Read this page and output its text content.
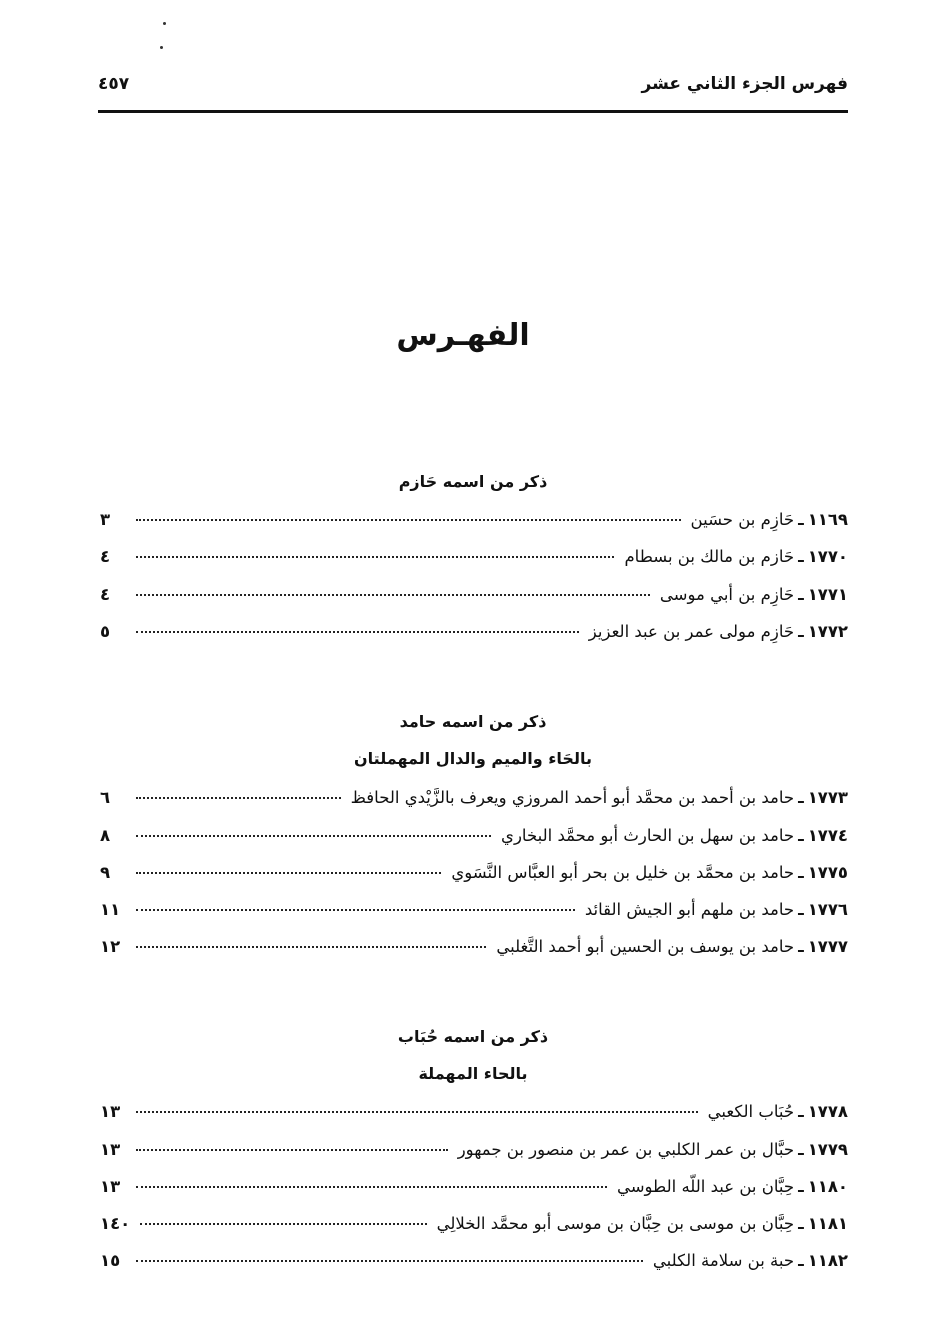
فهرس الجزء الثاني عشر
٤٥٧
الفهـرس
ذكر من اسمه حَازم
١١٦٩
ـ
حَازِم بن حسَين
٣
١٧٧٠
ـ
حَازم بن مالك بن بسطام
٤
١٧٧١
ـ
حَازِم بن أبي موسى
٤
١٧٧٢
ـ
حَازِم مولى عمر بن عبد العزيز
٥
ذكر من اسمه حامد
بالحَاء والميم والدال المهملتان
١٧٧٣
ـ
حامد بن أحمد بن محمَّد أبو أحمد المروزي ويعرف بالزَّيْدي الحافظ
٦
١٧٧٤
ـ
حامد بن سهل بن الحارث أبو محمَّد البخاري
٨
١٧٧٥
ـ
حامد بن محمَّد بن خليل بن بحر أبو العبَّاس النَّسَوي
٩
١٧٧٦
ـ
حامد بن ملهم أبو الجيش القائد
١١
١٧٧٧
ـ
حامد بن يوسف بن الحسين أبو أحمد التَّغلبي
١٢
ذكر من اسمه حُبَاب
بالحاء المهملة
١٧٧٨
ـ
حُبَاب الكعبي
١٣
١٧٧٩
ـ
حبَّال بن عمر الكلبي بن عمر بن منصور بن جمهور
١٣
١١٨٠
ـ
حِبَّان بن عبد اللّه الطوسي
١٣
١١٨١
ـ
حِبَّان بن موسى بن حِبَّان بن موسى أبو محمَّد الخلالِي
١٤٠
١١٨٢
ـ
حبة بن سلامة الكلبي
١٥
